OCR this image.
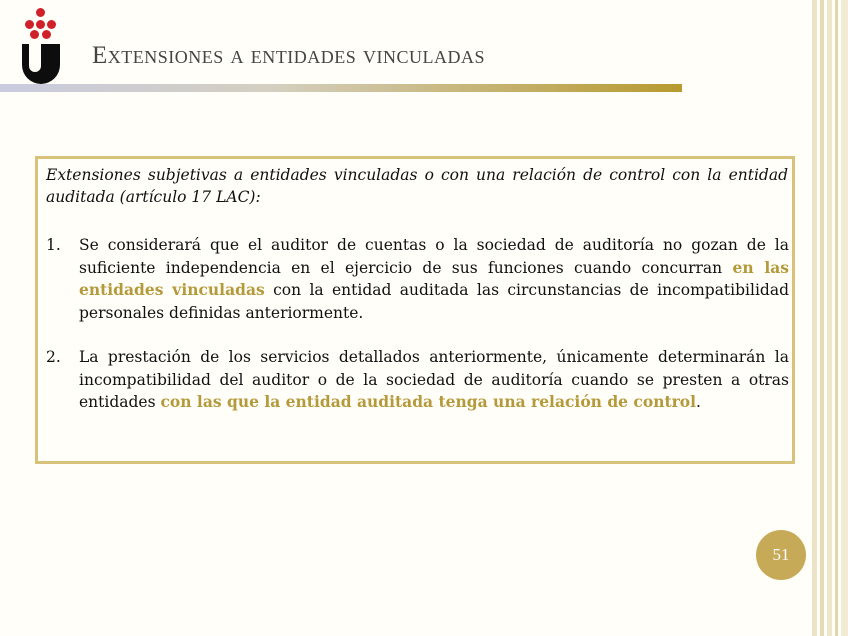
Extensiones a entidades vinculadas
Extensiones subjetivas a entidades vinculadas o con una relación de control con la entidad auditada (artículo 17 LAC):
1. Se considerará que el auditor de cuentas o la sociedad de auditoría no gozan de la suficiente independencia en el ejercicio de sus funciones cuando concurran en las entidades vinculadas con la entidad auditada las circunstancias de incompatibilidad personales definidas anteriormente.
2. La prestación de los servicios detallados anteriormente, únicamente determinarán la incompatibilidad del auditor o de la sociedad de auditoría cuando se presten a otras entidades con las que la entidad auditada tenga una relación de control.
51
